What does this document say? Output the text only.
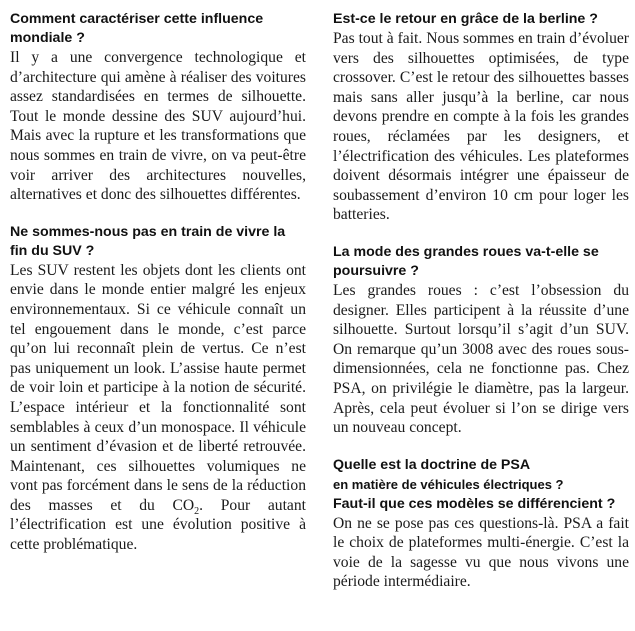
Comment caractériser cette influence mondiale ?

Il y a une convergence technologique et d’architecture qui amène à réaliser des voitures assez standardisées en termes de silhouette. Tout le monde dessine des SUV aujourd’hui. Mais avec la rupture et les transformations que nous sommes en train de vivre, on va peut-être voir arriver des architectures nouvelles, alternatives et donc des silhouettes différentes.

Ne sommes-nous pas en train de vivre la fin du SUV ?

Les SUV restent les objets dont les clients ont envie dans le monde entier malgré les enjeux environnementaux. Si ce véhicule connaît un tel engouement dans le monde, c’est parce qu’on lui reconnaît plein de vertus. Ce n’est pas uniquement un look. L’assise haute permet de voir loin et participe à la notion de sécurité. L’espace intérieur et la fonctionnalité sont semblables à ceux d’un monospace. Il véhicule un sentiment d’évasion et de liberté retrouvée. Maintenant, ces silhouettes volumiques ne vont pas forcément dans le sens de la réduction des masses et du $CO_2$. Pour autant l’électrification est une évolution positive à cette problématique.

Est-ce le retour en grâce de la berline ?

Pas tout à fait. Nous sommes en train d’évoluer vers des silhouettes optimisées, de type crossover. C’est le retour des silhouettes basses mais sans aller jusqu’à la berline, car nous devons prendre en compte à la fois les grandes roues, réclamées par les designers, et l’électrification des véhicules. Les plateformes doivent désormais intégrer une épaisseur de soubassement d’environ 10 cm pour loger les batteries.

La mode des grandes roues va-t-elle se poursuivre ?

Les grandes roues : c’est l’obsession du designer. Elles participent à la réussite d’une silhouette. Surtout lorsqu’il s’agit d’un SUV. On remarque qu’un 3008 avec des roues sous-dimensionnées, cela ne fonctionne pas. Chez PSA, on privilégie le diamètre, pas la largeur. Après, cela peut évoluer si l’on se dirige vers un nouveau concept.

Quelle est la doctrine de PSA
en matière de véhicules électriques ?
Faut-il que ces modèles se différencient ?

On ne se pose pas ces questions-là. PSA a fait le choix de plateformes multi-énergie. C’est la voie de la sagesse vu que nous vivons une période intermédiaire.
